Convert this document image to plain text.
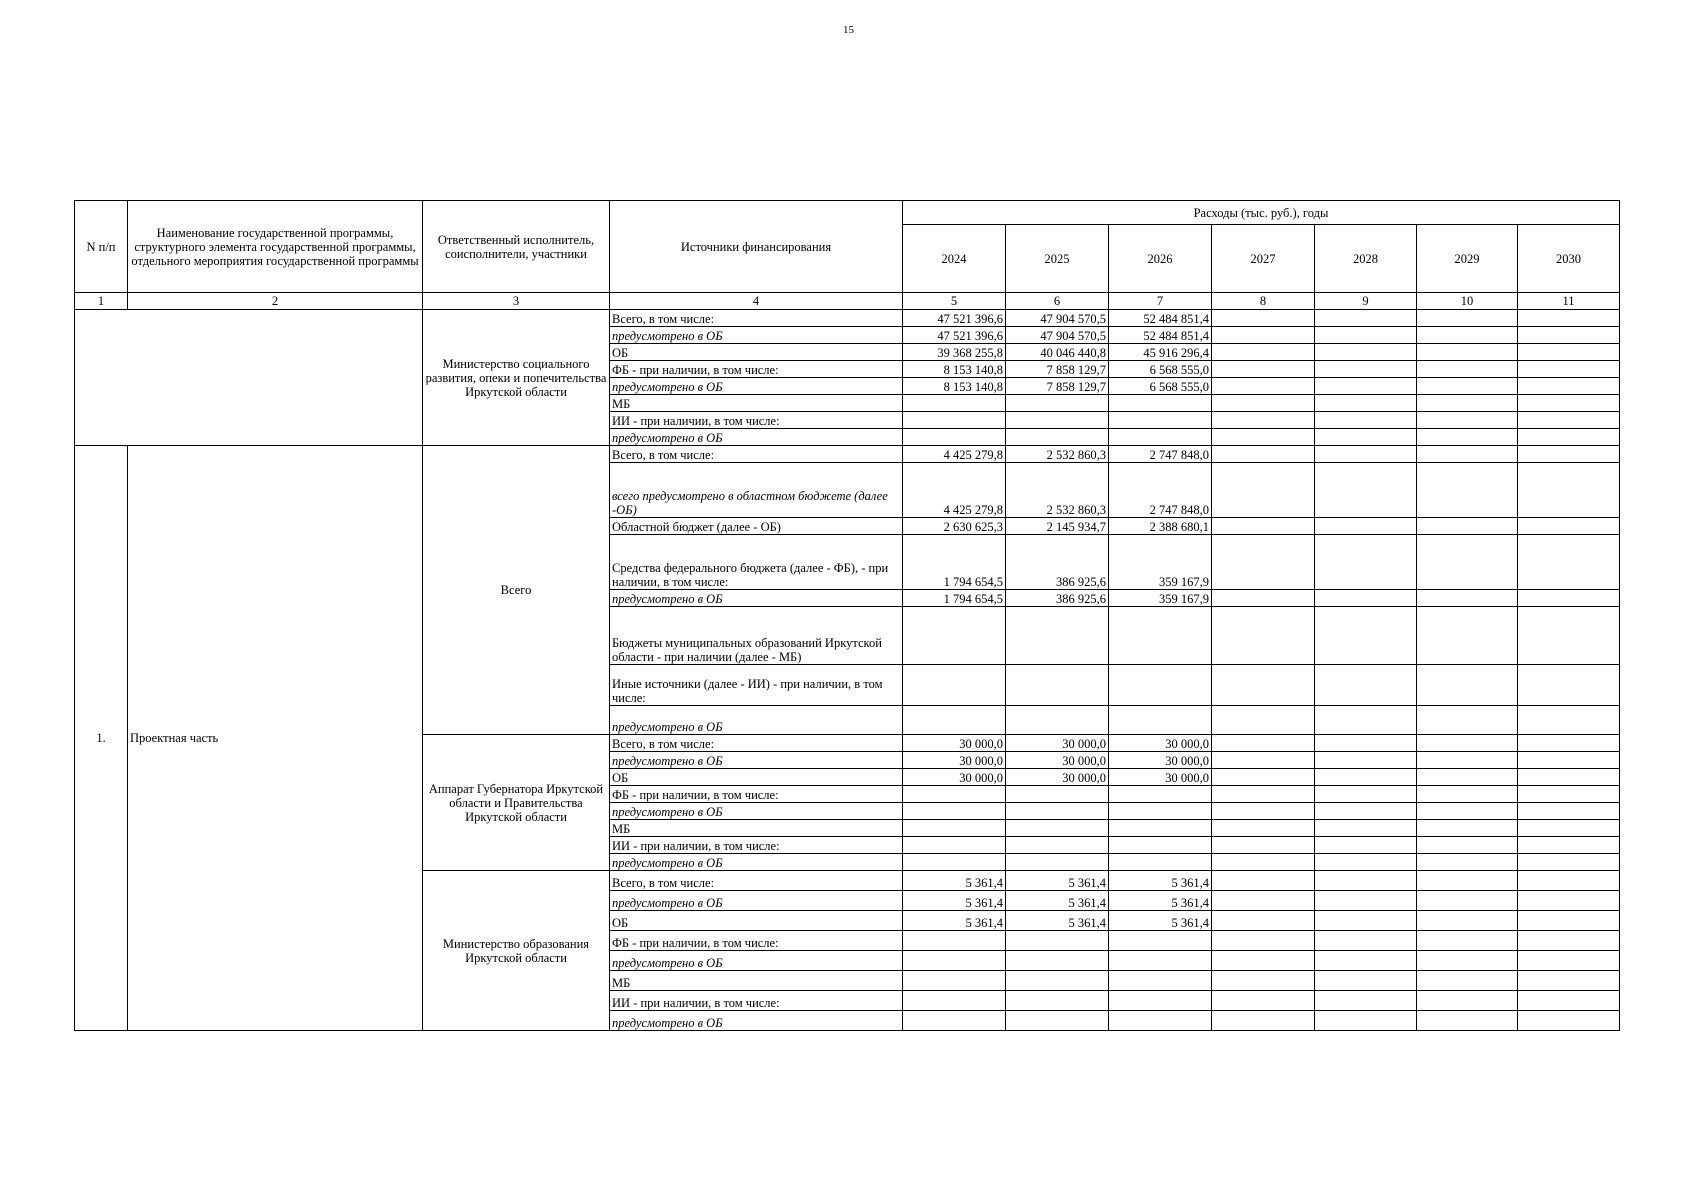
15
N п/п	Наименование государственной программы, структурного элемента государственной программы, отдельного мероприятия государственной программы	Ответственный исполнитель, соисполнители, участники	Источники финансирования	Расходы (тыс. руб.), годы						
				2024	2025	2026	2027	2028	2029	2030
1	2	3	4	5	6	7	8	9	10	11
		Министерство социального развития, опеки и попечительства Иркутской области	Всего, в том числе:	47 521 396,6	47 904 570,5	52 484 851,4				
			предусмотрено в ОБ	47 521 396,6	47 904 570,5	52 484 851,4				
			ОБ	39 368 255,8	40 046 440,8	45 916 296,4				
			ФБ - при наличии, в том числе:	8 153 140,8	7 858 129,7	6 568 555,0				
			предусмотрено в ОБ	8 153 140,8	7 858 129,7	6 568 555,0				
			МБ							
			ИИ - при наличии, в том числе:							
			предусмотрено в ОБ							
1.	Проектная часть	Всего	Всего, в том числе:	4 425 279,8	2 532 860,3	2 747 848,0				
			всего предусмотрено в областном бюджете (далее -ОБ)	4 425 279,8	2 532 860,3	2 747 848,0				
			Областной бюджет (далее - ОБ)	2 630 625,3	2 145 934,7	2 388 680,1				
			Средства федерального бюджета (далее - ФБ), - при наличии, в том числе:	1 794 654,5	386 925,6	359 167,9				
			предусмотрено в ОБ	1 794 654,5	386 925,6	359 167,9				
			Бюджеты муниципальных образований Иркутской области - при наличии (далее - МБ)							
			Иные источники (далее - ИИ) - при наличии, в том числе:							
			предусмотрено в ОБ							
		Аппарат Губернатора Иркутской области и Правительства Иркутской области	Всего, в том числе:	30 000,0	30 000,0	30 000,0				
			предусмотрено в ОБ	30 000,0	30 000,0	30 000,0				
			ОБ	30 000,0	30 000,0	30 000,0				
			ФБ - при наличии, в том числе:							
			предусмотрено в ОБ							
			МБ							
			ИИ - при наличии, в том числе:							
			предусмотрено в ОБ							
		Министерство образования Иркутской области	Всего, в том числе:	5 361,4	5 361,4	5 361,4				
			предусмотрено в ОБ	5 361,4	5 361,4	5 361,4				
			ОБ	5 361,4	5 361,4	5 361,4				
			ФБ - при наличии, в том числе:							
			предусмотрено в ОБ							
			МБ							
			ИИ - при наличии, в том числе:							
			предусмотрено в ОБ							
